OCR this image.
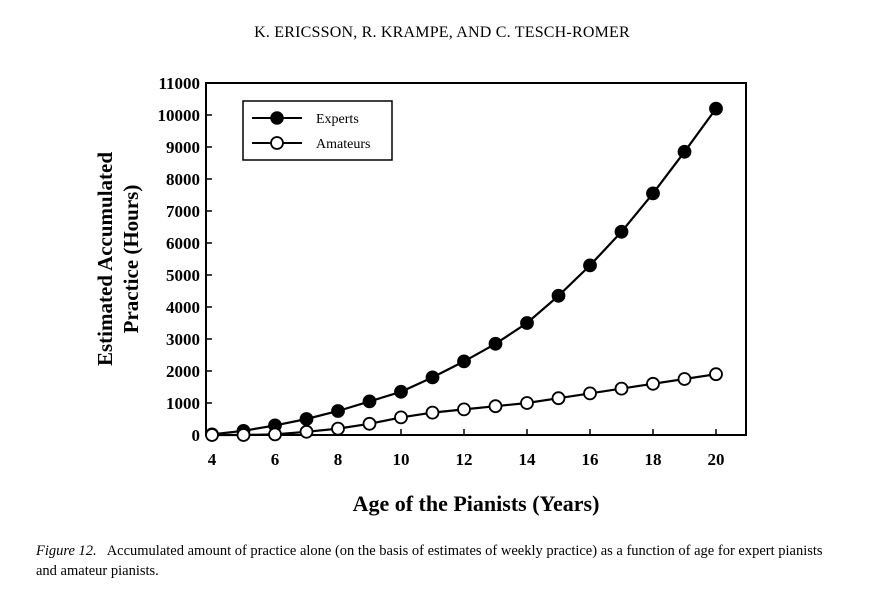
K. ERICSSON, R. KRAMPE, AND C. TESCH-ROMER
0
1000
2000
3000
4000
5000
6000
7000
8000
9000
10000
11000
4	6	8	10	12	14	16	18	20
Experts
Amateurs
Estimated Accumulated Practice (Hours)
Age of the Pianists (Years)
Figure 12. Accumulated amount of practice alone (on the basis of estimates of weekly practice) as a function of age for expert pianists and amateur pianists.
